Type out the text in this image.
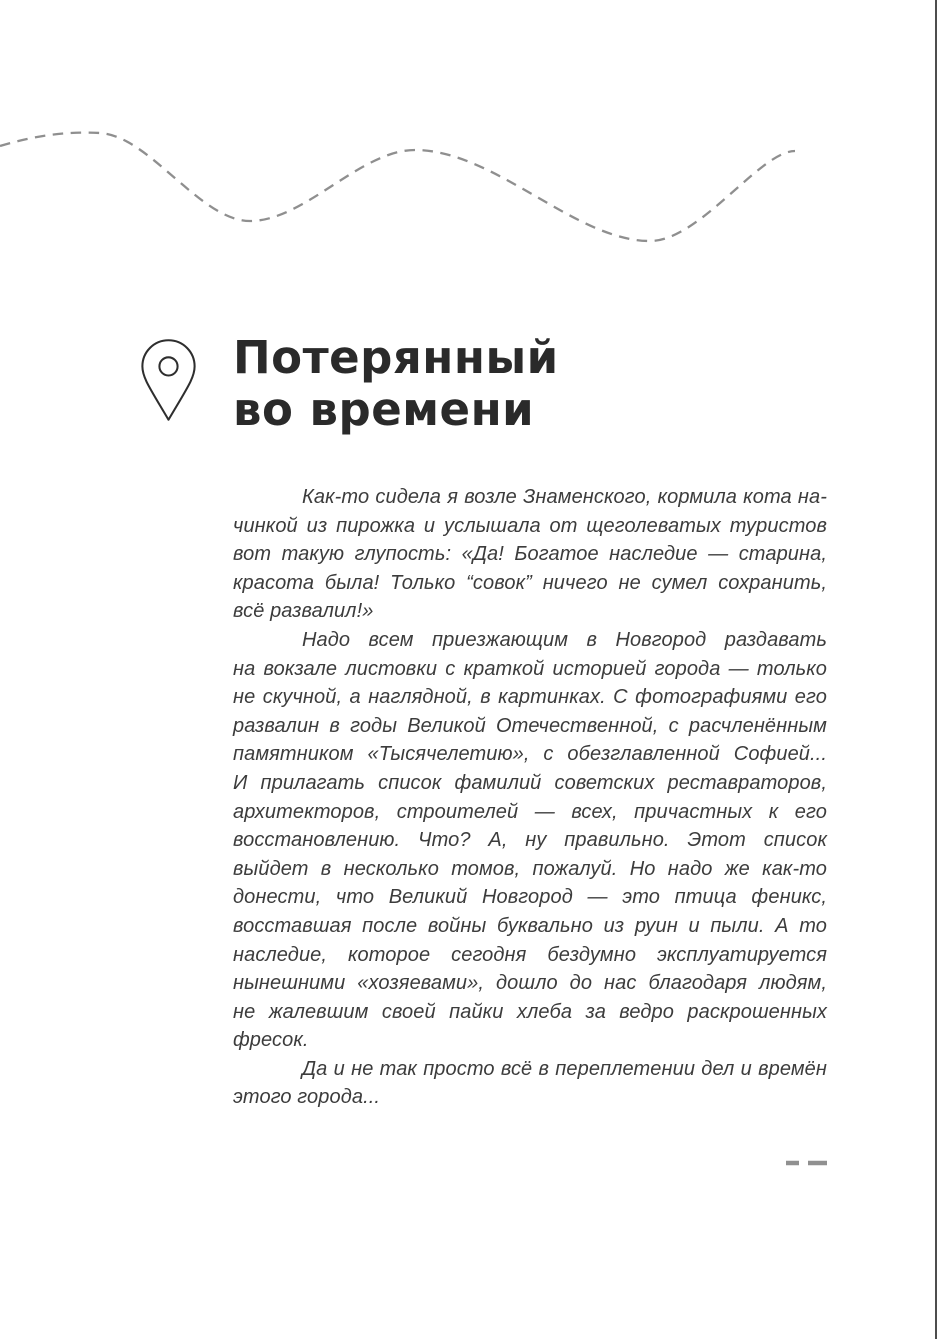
Потерянный
во времени
Как-то сидела я возле Знаменского, кормила кота на-
чинкой из пирожка и услышала от щеголеватых туристов
вот такую глупость: «Да! Богатое наследие — старина,
красота была! Только “совок” ничего не сумел сохранить,
всё развалил!»
Надо всем приезжающим в Новгород раздавать
на вокзале листовки с краткой историей города — только
не скучной, а наглядной, в картинках. С фотографиями его
развалин в годы Великой Отечественной, с расчленённым
памятником «Тысячелетию», с обезглавленной Софией...
И прилагать список фамилий советских реставраторов,
архитекторов, строителей — всех, причастных к его
восстановлению. Что? А, ну правильно. Этот список
выйдет в несколько томов, пожалуй. Но надо же как-то
донести, что Великий Новгород — это птица феникс,
восставшая после войны буквально из руин и пыли. А то
наследие, которое сегодня бездумно эксплуатируется
нынешними «хозяевами», дошло до нас благодаря людям,
не жалевшим своей пайки хлеба за ведро раскрошенных
фресок.
Да и не так просто всё в переплетении дел и времён
этого города...
